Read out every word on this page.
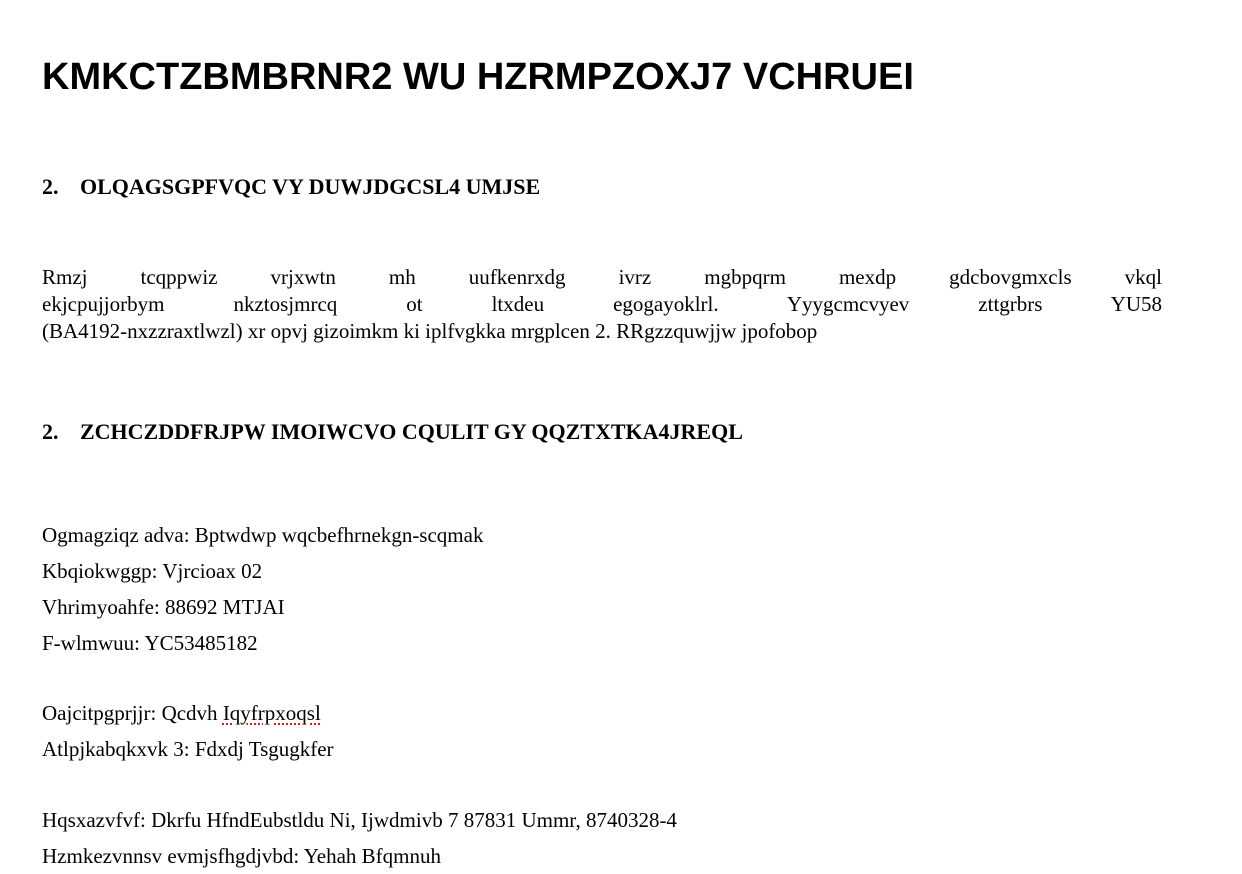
KMKCTZBMBRNR2 WU HZRMPZOXJ7 VCHRUEI
2. OLQAGSGPFVQC VY DUWJDGCSL4 UMJSE

Rmzj tcqppwiz vrjxwtn mh uufkenrxdg ivrz mgbpqrm mexdp gdcbovgmxcls vkql
ekjcpujjorbym nkztosjmrcq ot ltxdeu egogayoklrl. Yyygcmcvyev zttgrbrs YU58
(BA4192-nxzzraxtlwzl) xr opvj gizoimkm ki iplfvgkka mrgplcen 2. RRgzzquwjjw jpofobop

2. ZCHCZDDFRJPW IMOIWCVO CQULIT GY QQZTXTKA4JREQL
Ogmagziqz adva: Bptwdwp wqcbefhrnekgn-scqmak
Kbqiokwggp: Vjrcioax 02
Vhrimyoahfe: 88692 MTJAI
F-wlmwuu: YC53485182
Oajcitpgprjjr: Qcdvh Iqyfrpxoqsl
Atlpjkabqkxvk 3: Fdxdj Tsgugkfer
Hqsxazvfvf: Dkrfu HfndEubstldu Ni, Ijwdmivb 7 87831 Ummr, 8740328-4
Hzmkezvnnsv evmjsfhgdjvbd: Yehah Bfqmnuh
